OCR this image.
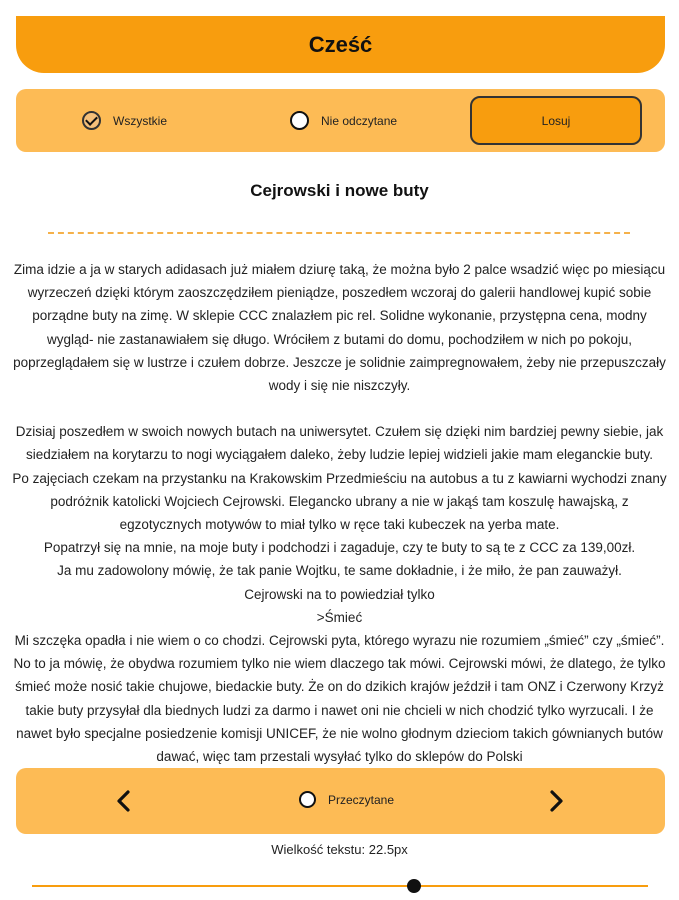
Cześć
Wszystkie	Nie odczytane	Losuj
Cejrowski i nowe buty

Zima idzie a ja w starych adidasach już miałem dziurę taką, że można było 2 palce wsadzić więc po miesiącu wyrzeczeń dzięki którym zaoszczędziłem pieniądze, poszedłem wczoraj do galerii handlowej kupić sobie porządne buty na zimę. W sklepie CCC znalazłem pic rel. Solidne wykonanie, przystępna cena, modny wygląd- nie zastanawiałem się długo. Wróciłem z butami do domu, pochodziłem w nich po pokoju, poprzeglądałem się w lustrze i czułem dobrze. Jeszcze je solidnie zaimpregnowałem, żeby nie przepuszczały wody i się nie niszczyły.

Dzisiaj poszedłem w swoich nowych butach na uniwersytet. Czułem się dzięki nim bardziej pewny siebie, jak siedziałem na korytarzu to nogi wyciągałem daleko, żeby ludzie lepiej widzieli jakie mam eleganckie buty.

Po zajęciach czekam na przystanku na Krakowskim Przedmieściu na autobus a tu z kawiarni wychodzi znany podróżnik katolicki Wojciech Cejrowski. Elegancko ubrany a nie w jakąś tam koszulę hawajską, z egzotycznych motywów to miał tylko w ręce taki kubeczek na yerba mate.

Popatrzył się na mnie, na moje buty i podchodzi i zagaduje, czy te buty to są te z CCC za 139,00zł.

Ja mu zadowolony mówię, że tak panie Wojtku, te same dokładnie, i że miło, że pan zauważył.

Cejrowski na to powiedział tylko

>Śmieć

Mi szczęka opadła i nie wiem o co chodzi. Cejrowski pyta, którego wyrazu nie rozumiem „śmieć” czy „śmieć”. No to ja mówię, że obydwa rozumiem tylko nie wiem dlaczego tak mówi. Cejrowski mówi, że dlatego, że tylko śmieć może nosić takie chujowe, biedackie buty. Że on do dzikich krajów jeździł i tam ONZ i Czerwony Krzyż takie buty przysyłał dla biednych ludzi za darmo i nawet oni nie chcieli w nich chodzić tylko wyrzucali. I że nawet było specjalne posiedzenie komisji UNICEF, że nie wolno głodnym dzieciom takich gównianych butów dawać, więc tam przestali wysyłać tylko do sklepów do Polski

Przeczytane
Wielkość tekstu: 22.5px
